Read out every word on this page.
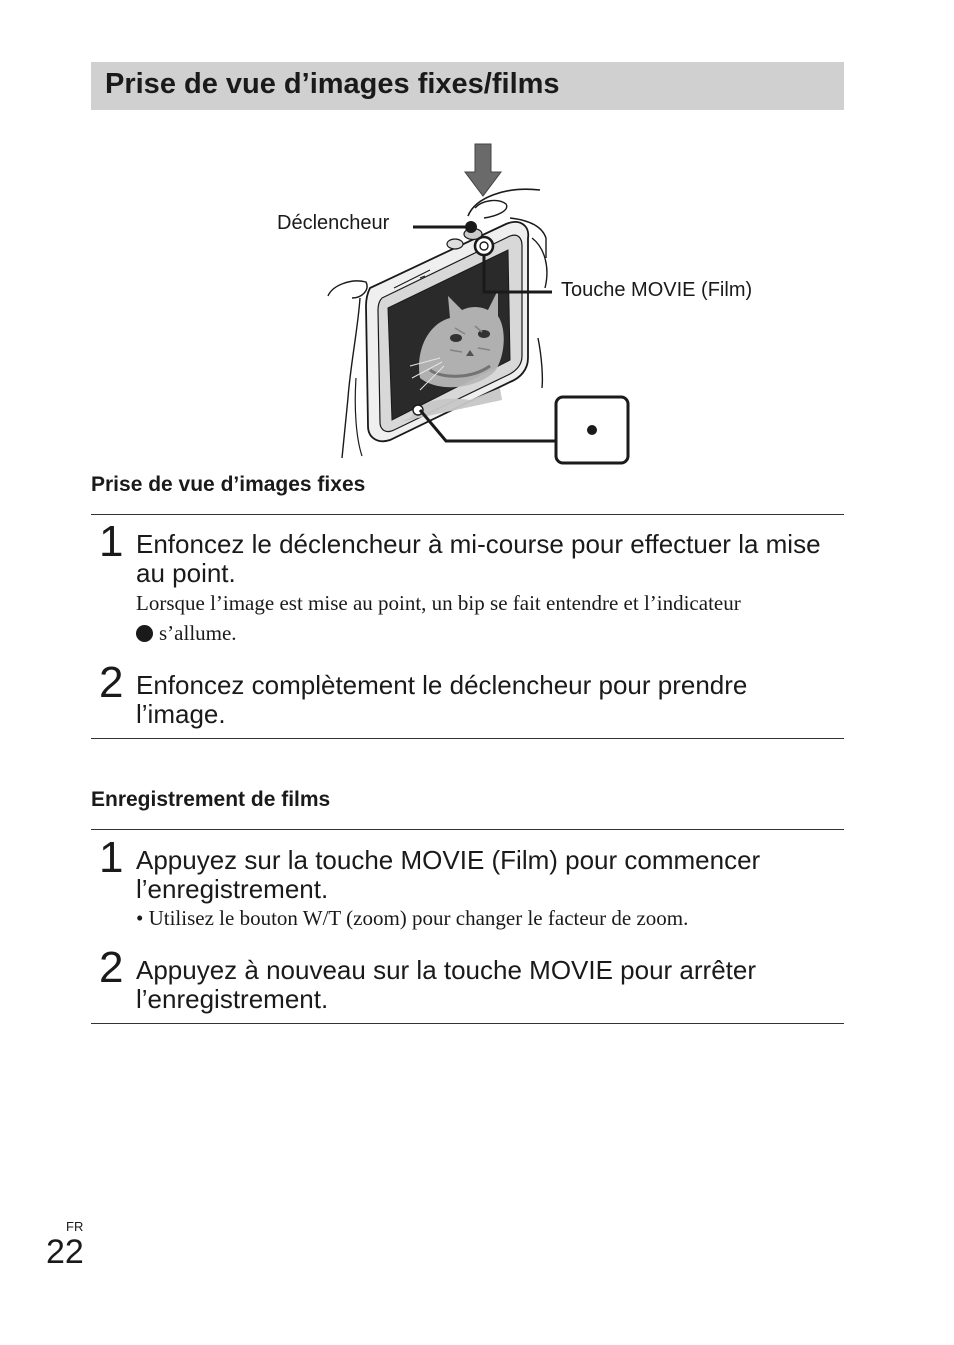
Prise de vue d’images fixes/films
Déclencheur
Touche MOVIE (Film)
Prise de vue d’images fixes
1 Enfoncez le déclencheur à mi-course pour effectuer la mise au point.
Lorsque l’image est mise au point, un bip se fait entendre et l’indicateur
s’allume.
2 Enfoncez complètement le déclencheur pour prendre l’image.
Enregistrement de films
1 Appuyez sur la touche MOVIE (Film) pour commencer l’enregistrement.
• Utilisez le bouton W/T (zoom) pour changer le facteur de zoom.
2 Appuyez à nouveau sur la touche MOVIE pour arrêter l’enregistrement.
FR
22
